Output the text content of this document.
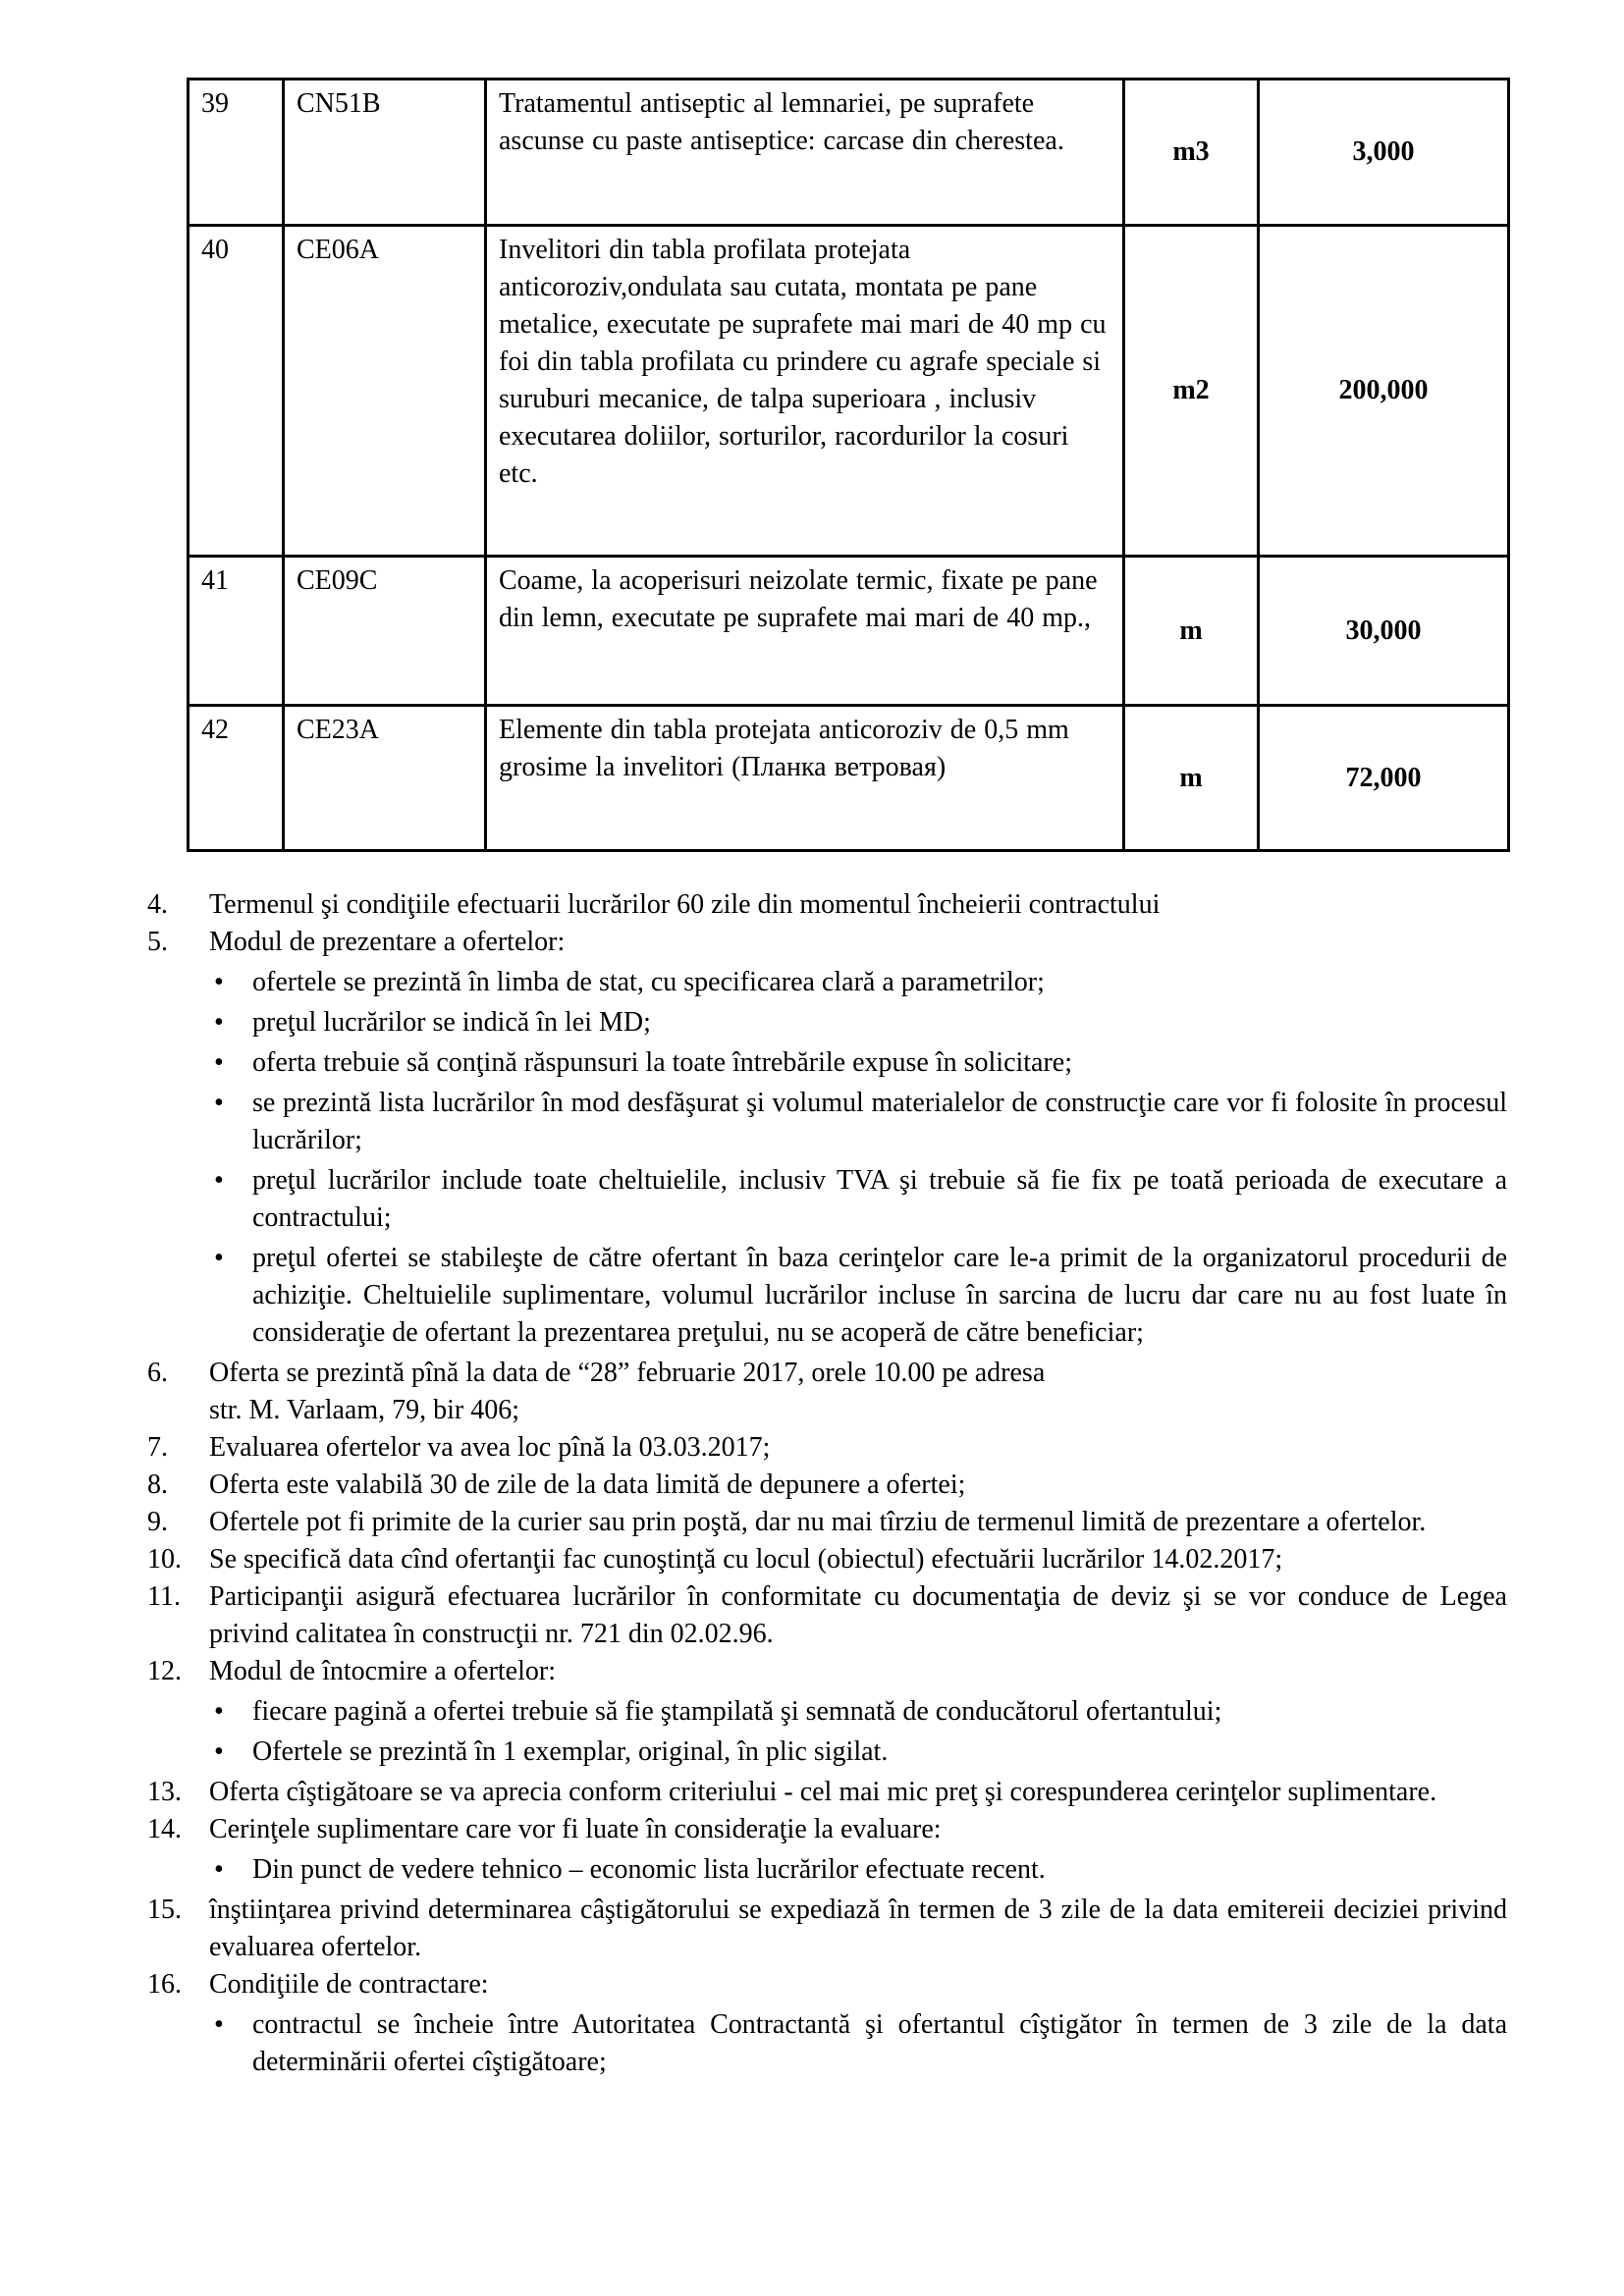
39	CN51B	Tratamentul antiseptic al lemnariei, pe suprafete ascunse cu paste antiseptice: carcase din cherestea.	m3	3,000
40	CE06A	Invelitori din tabla profilata protejata anticoroziv,ondulata sau cutata, montata pe pane metalice, executate pe suprafete mai mari de 40 mp cu foi din tabla profilata cu prindere cu agrafe speciale si suruburi mecanice, de talpa superioara , inclusiv executarea doliilor, sorturilor, racordurilor la cosuri etc.	m2	200,000
41	CE09C	Coame, la acoperisuri neizolate termic, fixate pe pane din lemn, executate pe suprafete mai mari de 40 mp.,	m	30,000
42	CE23A	Elemente din tabla protejata anticoroziv de 0,5 mm grosime la invelitori (Планка ветровая)	m	72,000
4.	Termenul şi condiţiile efectuarii lucrărilor 60 zile din momentul încheierii contractului
5.	Modul de prezentare a ofertelor:
•	ofertele se prezintă în limba de stat, cu specificarea clară a parametrilor;
•	preţul lucrărilor se indică în lei MD;
•	oferta trebuie să conţină răspunsuri la toate întrebările expuse în solicitare;
•	se prezintă lista lucrărilor în mod desfăşurat şi volumul materialelor de construcţie care vor fi folosite în procesul lucrărilor;
•	preţul lucrărilor include toate cheltuielile, inclusiv TVA şi trebuie să fie fix pe toată perioada de executare a contractului;
•	preţul ofertei se stabileşte de către ofertant în baza cerinţelor care le-a primit de la organizatorul procedurii de achiziţie. Cheltuielile suplimentare, volumul lucrărilor incluse în sarcina de lucru dar care nu au fost luate în consideraţie de ofertant la prezentarea preţului, nu se acoperă de către beneficiar;
6.	Oferta se prezintă pînă la data de “28” februarie 2017, orele 10.00 pe adresa
str. M. Varlaam, 79, bir 406;
7.	Evaluarea ofertelor va avea loc pînă la 03.03.2017;
8.	Oferta este valabilă 30 de zile de la data limită de depunere a ofertei;
9.	Ofertele pot fi primite de la curier sau prin poştă, dar nu mai tîrziu de termenul limită de prezentare a ofertelor.
10.	Se specifică data cînd ofertanţii fac cunoştinţă cu locul (obiectul) efectuării lucrărilor 14.02.2017;
11.	Participanţii asigură efectuarea lucrărilor în conformitate cu documentaţia de deviz şi se vor conduce de Legea privind calitatea în construcţii nr. 721 din 02.02.96.
12.	Modul de întocmire a ofertelor:
•	fiecare pagină a ofertei trebuie să fie ştampilată şi semnată de conducătorul ofertantului;
•	Ofertele se prezintă în 1 exemplar, original, în plic sigilat.
13.	Oferta cîştigătoare se va aprecia conform criteriului - cel mai mic preţ şi corespunderea cerinţelor suplimentare.
14.	Cerinţele suplimentare care vor fi luate în consideraţie la evaluare:
•	Din punct de vedere tehnico – economic lista lucrărilor efectuate recent.
15.	înştiinţarea privind determinarea câştigătorului se expediază în termen de 3 zile de la data emitereii deciziei privind evaluarea ofertelor.
16.	Condiţiile de contractare:
•	contractul se încheie între Autoritatea Contractantă şi ofertantul cîştigător în termen de 3 zile de la data determinării ofertei cîştigătoare;
